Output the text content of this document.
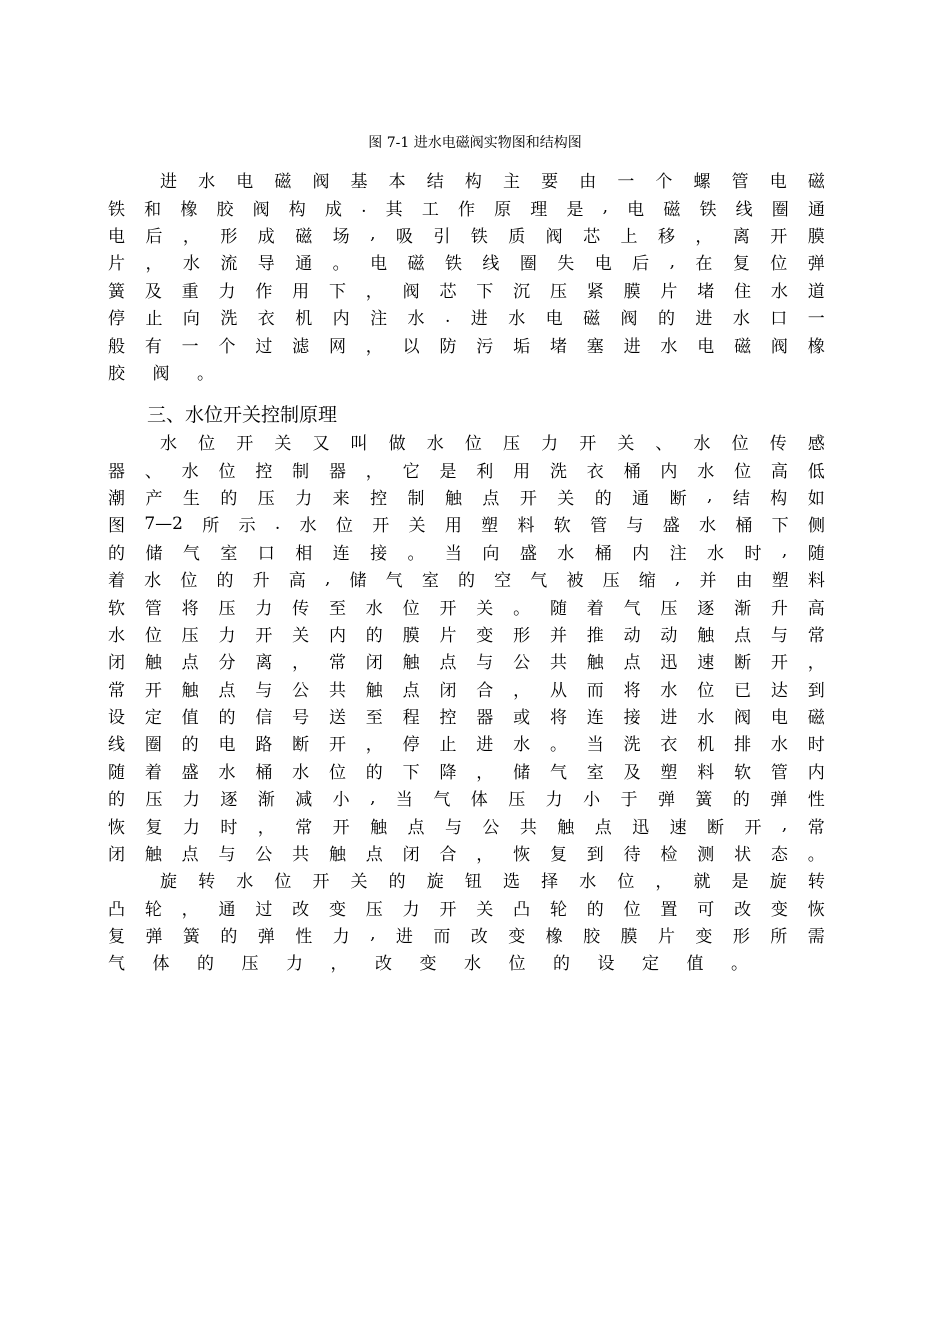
图 7-1 进水电磁阀实物图和结构图
进 水 电 磁 阀 基 本 结 构 主 要 由 一 个 螺 管 电 磁
铁 和 橡 胶 阀 构 成 . 其 工 作 原 理 是 , 电 磁 铁 线 圈 通
电 后 ， 形 成 磁 场 , 吸 引 铁 质 阀 芯 上 移 ， 离 开 膜
片 ， 水 流 导 通 。 电 磁 铁 线 圈 失 电 后 , 在 复 位 弹
簧 及 重 力 作 用 下 ， 阀 芯 下 沉 压 紧 膜 片 堵 住 水 道
停 止 向 洗 衣 机 内 注 水 . 进 水 电 磁 阀 的 进 水 口 一
般 有 一 个 过 滤 网 ， 以 防 污 垢 堵 塞 进 水 电 磁 阀 橡
胶 阀 。
三、水位开关控制原理
水 位 开 关 又 叫 做 水 位 压 力 开 关 、 水 位 传 感
器 、 水 位 控 制 器 ， 它 是 利 用 洗 衣 桶 内 水 位 高 低
潮 产 生 的 压 力 来 控 制 触 点 开 关 的 通 断 , 结 构 如
图 7—2 所 示 . 水 位 开 关 用 塑 料 软 管 与 盛 水 桶 下 侧
的 储 气 室 口 相 连 接 。 当 向 盛 水 桶 内 注 水 时 , 随
着 水 位 的 升 高 , 储 气 室 的 空 气 被 压 缩 , 并 由 塑 料
软 管 将 压 力 传 至 水 位 开 关 。 随 着 气 压 逐 渐 升 高
水 位 压 力 开 关 内 的 膜 片 变 形 并 推 动 动 触 点 与 常
闭 触 点 分 离 ， 常 闭 触 点 与 公 共 触 点 迅 速 断 开 ，
常 开 触 点 与 公 共 触 点 闭 合 ， 从 而 将 水 位 已 达 到
设 定 值 的 信 号 送 至 程 控 器 或 将 连 接 进 水 阀 电 磁
线 圈 的 电 路 断 开 ， 停 止 进 水 。 当 洗 衣 机 排 水 时
随 着 盛 水 桶 水 位 的 下 降 ， 储 气 室 及 塑 料 软 管 内
的 压 力 逐 渐 减 小 , 当 气 体 压 力 小 于 弹 簧 的 弹 性
恢 复 力 时 ， 常 开 触 点 与 公 共 触 点 迅 速 断 开 , 常
闭 触 点 与 公 共 触 点 闭 合 ， 恢 复 到 待 检 测 状 态 。
旋 转 水 位 开 关 的 旋 钮 选 择 水 位 ， 就 是 旋 转
凸 轮 ， 通 过 改 变 压 力 开 关 凸 轮 的 位 置 可 改 变 恢
复 弹 簧 的 弹 性 力 , 进 而 改 变 橡 胶 膜 片 变 形 所 需
气 体 的 压 力 ， 改 变 水 位 的 设 定 值 。
